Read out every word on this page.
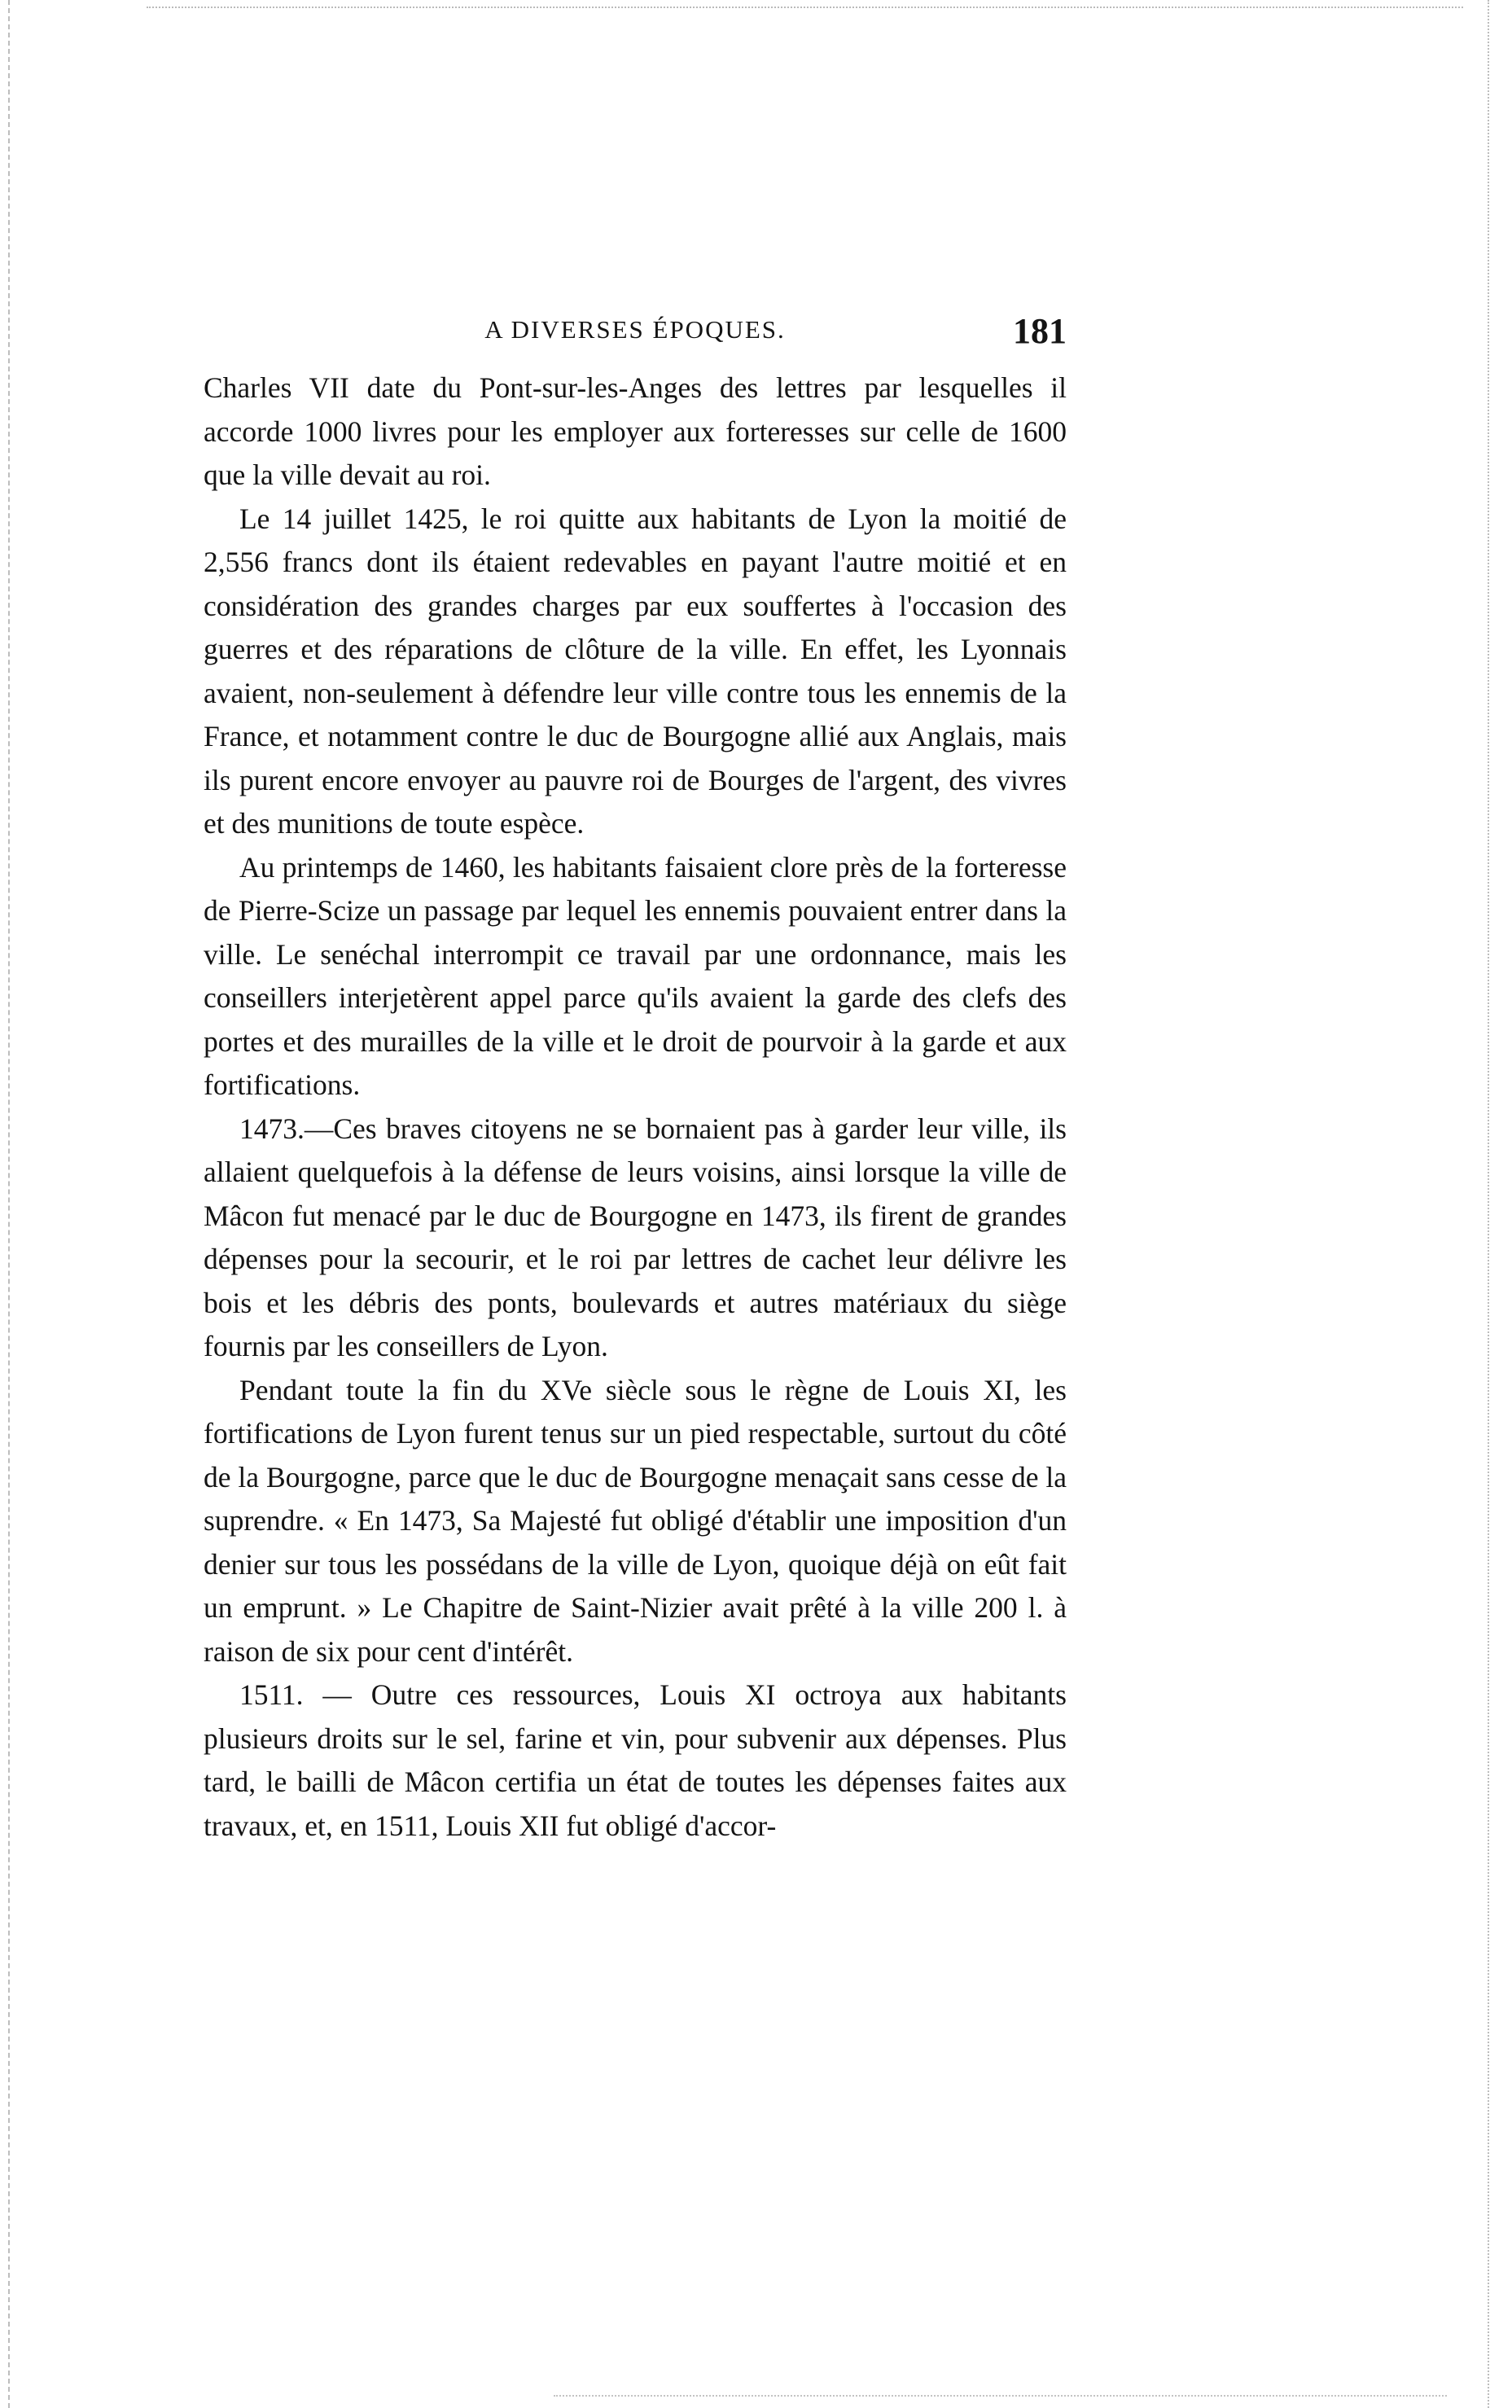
A DIVERSES ÉPOQUES.	181

Charles VII date du Pont-sur-les-Anges des lettres par lesquelles il accorde 1000 livres pour les employer aux forteresses sur celle de 1600 que la ville devait au roi.

Le 14 juillet 1425, le roi quitte aux habitants de Lyon la moitié de 2,556 francs dont ils étaient redevables en payant l'autre moitié et en considération des grandes charges par eux souffertes à l'occasion des guerres et des réparations de clôture de la ville. En effet, les Lyonnais avaient, non-seulement à défendre leur ville contre tous les ennemis de la France, et notamment contre le duc de Bourgogne allié aux Anglais, mais ils purent encore envoyer au pauvre roi de Bourges de l'argent, des vivres et des munitions de toute espèce.

Au printemps de 1460, les habitants faisaient clore près de la forteresse de Pierre-Scize un passage par lequel les ennemis pouvaient entrer dans la ville. Le senéchal interrompit ce travail par une ordonnance, mais les conseillers interjetèrent appel parce qu'ils avaient la garde des clefs des portes et des murailles de la ville et le droit de pourvoir à la garde et aux fortifications.

1473.—Ces braves citoyens ne se bornaient pas à garder leur ville, ils allaient quelquefois à la défense de leurs voisins, ainsi lorsque la ville de Mâcon fut menacé par le duc de Bourgogne en 1473, ils firent de grandes dépenses pour la secourir, et le roi par lettres de cachet leur délivre les bois et les débris des ponts, boulevards et autres matériaux du siège fournis par les conseillers de Lyon.

Pendant toute la fin du XVe siècle sous le règne de Louis XI, les fortifications de Lyon furent tenus sur un pied respectable, surtout du côté de la Bourgogne, parce que le duc de Bourgogne menaçait sans cesse de la suprendre. « En 1473, Sa Majesté fut obligé d'établir une imposition d'un denier sur tous les possédans de la ville de Lyon, quoique déjà on eût fait un emprunt. » Le Chapitre de Saint-Nizier avait prêté à la ville 200 l. à raison de six pour cent d'intérêt.

1511. — Outre ces ressources, Louis XI octroya aux habitants plusieurs droits sur le sel, farine et vin, pour subvenir aux dépenses. Plus tard, le bailli de Mâcon certifia un état de toutes les dépenses faites aux travaux, et, en 1511, Louis XII fut obligé d'accor-
